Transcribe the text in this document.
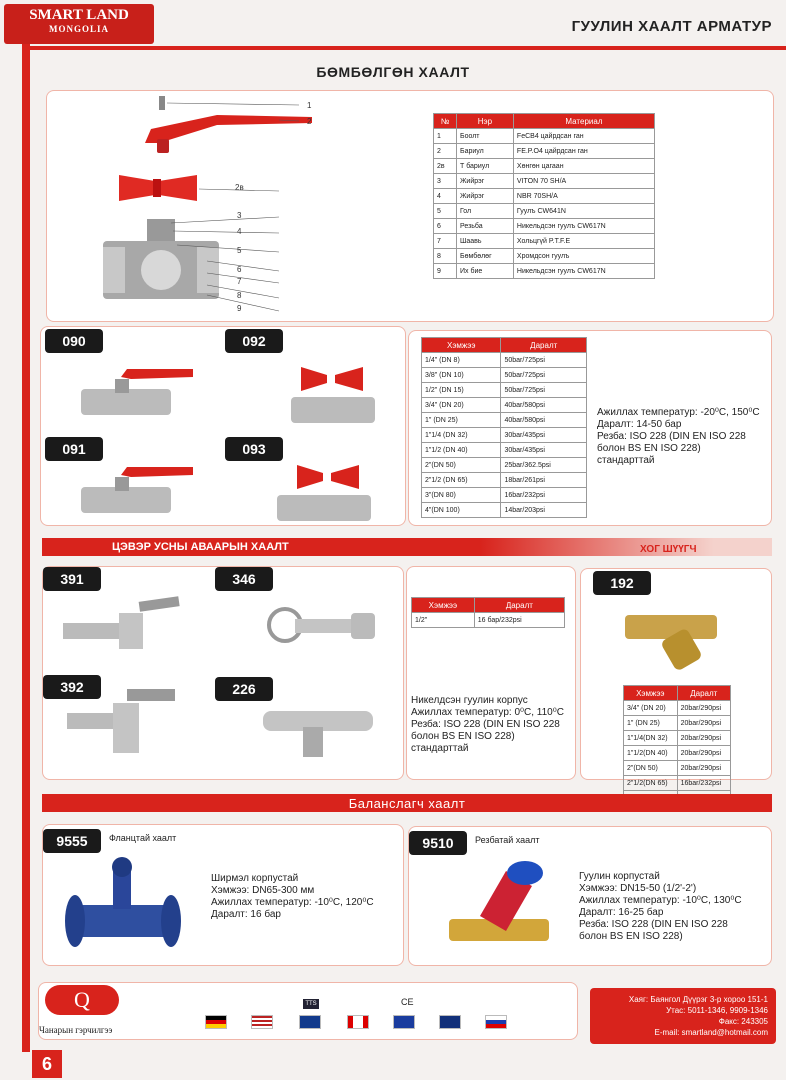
SMART LAND
MONGOLIA	ГУУЛИН ХААЛТ АРМАТУР
БӨМБӨЛГӨН ХААЛТ
1
2
2в
3
4
5
6
7
8
9
№	Нэр	Материал
1	Боолт	FeCB4 цайрдсан ган
2	Бариул	FE.P.O4 цайрдсан ган
2в	Т бариул	Хөнгөн цагаан
3	Жийрэг	VITON 70 SH/A
4	Жийрэг	NBR 70SH/A
5	Гол	Гуулъ CW641N
6	Резьба	Никельдсэн гуулъ CW617N
7	Шаавь	Хольцгүй P.T.F.E
8	Бөмбөлөг	Хромдсон гуулъ
9	Их бие	Никельдсэн гуулъ CW617N
090	092
091	093
Хэмжээ	Даралт
1/4" (DN 8)	50bar/725psi
3/8" (DN 10)	50bar/725psi
1/2" (DN 15)	50bar/725psi
3/4" (DN 20)	40bar/580psi
1" (DN 25)	40bar/580psi
1"1/4 (DN 32)	30bar/435psi
1"1/2 (DN 40)	30bar/435psi
2"(DN 50)	25bar/362.5psi
2"1/2 (DN 65)	18bar/261psi
3"(DN 80)	16bar/232psi
4"(DN 100)	14bar/203psi
Ажиллах температур: -20⁰C, 150⁰C
Даралт: 14-50 бар
Резба: ISO 228 (DIN EN ISO 228
болон BS EN ISO 228)
стандарттай
ЦЭВЭР УСНЫ АВААРЫН ХААЛТ	ХОГ ШҮҮГЧ
391	346
392	226
Хэмжээ	Даралт
1/2"	16 бар/232psi
Никелдсэн гуулин корпус
Ажиллах температур: 0⁰C, 110⁰C
Резба: ISO 228 (DIN EN ISO 228
болон BS EN ISO 228)
стандарттай
192
Хэмжээ	Даралт
3/4" (DN 20)	20bar/290psi
1" (DN 25)	20bar/290psi
1"1/4(DN 32)	20bar/290psi
1"1/2(DN 40)	20bar/290psi
2"(DN 50)	20bar/290psi
2"1/2(DN 65)	16bar/232psi

Баланслагч хаалт
9555	Фланцтай хаалт
Ширмэл корпустай
Хэмжээ: DN65-300 мм
Ажиллах температур: -10⁰C, 120⁰C
Даралт: 16 бар
9510	Резбатай хаалт
Гуулин корпустай
Хэмжээ: DN15-50 (1/2'-2')
Ажиллах температур: -10⁰C, 130⁰C
Даралт: 16-25 бар
Резба: ISO 228 (DIN EN ISO 228
болон BS EN ISO 228)
Q
Чанарын гэрчилгээ
TTS	CE	Хаяг: Баянгол Дүүрэг 3-р хороо 151-1
Утас: 5011-1346, 9909-1346
Факс: 243305
E-mail: smartland@hotmail.com
6
